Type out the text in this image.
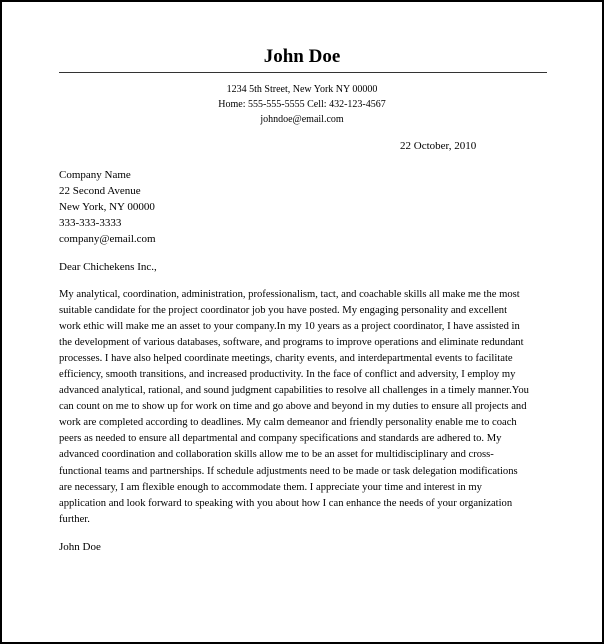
John Doe
1234 5th Street, New York NY 00000
Home: 555-555-5555 Cell: 432-123-4567
johndoe@email.com
22 October, 2010
Company Name
22 Second Avenue
New York, NY 00000
333-333-3333
company@email.com
Dear Chichekens Inc.,
My analytical, coordination, administration, professionalism, tact, and coachable skills all make me the most
suitable candidate for the project coordinator job you have posted. My engaging personality and excellent
work ethic will make me an asset to your company.In my 10 years as a project coordinator, I have assisted in
the development of various databases, software, and programs to improve operations and eliminate redundant
processes. I have also helped coordinate meetings, charity events, and interdepartmental events to facilitate
efficiency, smooth transitions, and increased productivity. In the face of conflict and adversity, I employ my
advanced analytical, rational, and sound judgment capabilities to resolve all challenges in a timely manner.You
can count on me to show up for work on time and go above and beyond in my duties to ensure all projects and
work are completed according to deadlines. My calm demeanor and friendly personality enable me to coach
peers as needed to ensure all departmental and company specifications and standards are adhered to. My
advanced coordination and collaboration skills allow me to be an asset for multidisciplinary and cross-
functional teams and partnerships. If schedule adjustments need to be made or task delegation modifications
are necessary, I am flexible enough to accommodate them. I appreciate your time and interest in my
application and look forward to speaking with you about how I can enhance the needs of your organization
further.
John Doe
